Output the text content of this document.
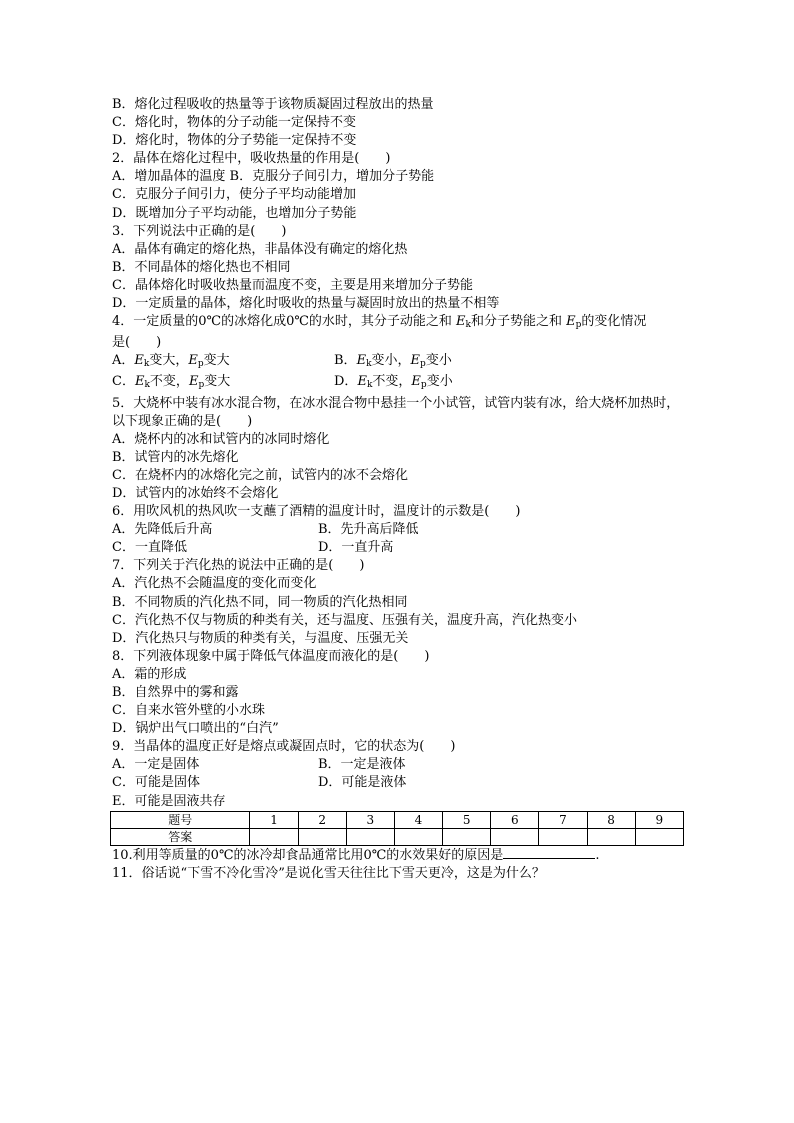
B．熔化过程吸收的热量等于该物质凝固过程放出的热量
C．熔化时，物体的分子动能一定保持不变
D．熔化时，物体的分子势能一定保持不变
2．晶体在熔化过程中，吸收热量的作用是(　　)
A．增加晶体的温度 B．克服分子间引力，增加分子势能
C．克服分子间引力，使分子平均动能增加
D．既增加分子平均动能，也增加分子势能
3．下列说法中正确的是(　　)
A．晶体有确定的熔化热，非晶体没有确定的熔化热
B．不同晶体的熔化热也不相同
C．晶体熔化时吸收热量而温度不变，主要是用来增加分子势能
D．一定质量的晶体，熔化时吸收的热量与凝固时放出的热量不相等
4．一定质量的0℃的冰熔化成0℃的水时，其分子动能之和 $E_k$和分子势能之和 $E_p$的变化情况
是(　　)
A．$E_k$变大，$E_p$变大	B．$E_k$变小，$E_p$变小
C．$E_k$不变，$E_p$变大	D．$E_k$不变，$E_p$变小
5．大烧杯中装有冰水混合物，在冰水混合物中悬挂一个小试管，试管内装有冰，给大烧杯加热时，以下现象正确的是(　　)
A．烧杯内的冰和试管内的冰同时熔化
B．试管内的冰先熔化
C．在烧杯内的冰熔化完之前，试管内的冰不会熔化
D．试管内的冰始终不会熔化
6．用吹风机的热风吹一支蘸了酒精的温度计时，温度计的示数是(　　)
A．先降低后升高	B．先升高后降低
C．一直降低	D．一直升高
7．下列关于汽化热的说法中正确的是(　　)
A．汽化热不会随温度的变化而变化
B．不同物质的汽化热不同，同一物质的汽化热相同
C．汽化热不仅与物质的种类有关，还与温度、压强有关，温度升高，汽化热变小
D．汽化热只与物质的种类有关，与温度、压强无关
8．下列液体现象中属于降低气体温度而液化的是(　　)
A．霜的形成
B．自然界中的雾和露
C．自来水管外壁的小水珠
D．锅炉出气口喷出的“白汽”
9．当晶体的温度正好是熔点或凝固点时，它的状态为(　　)
A．一定是固体	B．一定是液体
C．可能是固体	D．可能是液体
E．可能是固液共存
题号	1	2	3	4	5	6	7	8	9
答案									
10.利用等质量的0℃的冰冷却食品通常比用0℃的水效果好的原因是	.
11．俗话说“下雪不冷化雪冷”是说化雪天往往比下雪天更冷，这是为什么？
